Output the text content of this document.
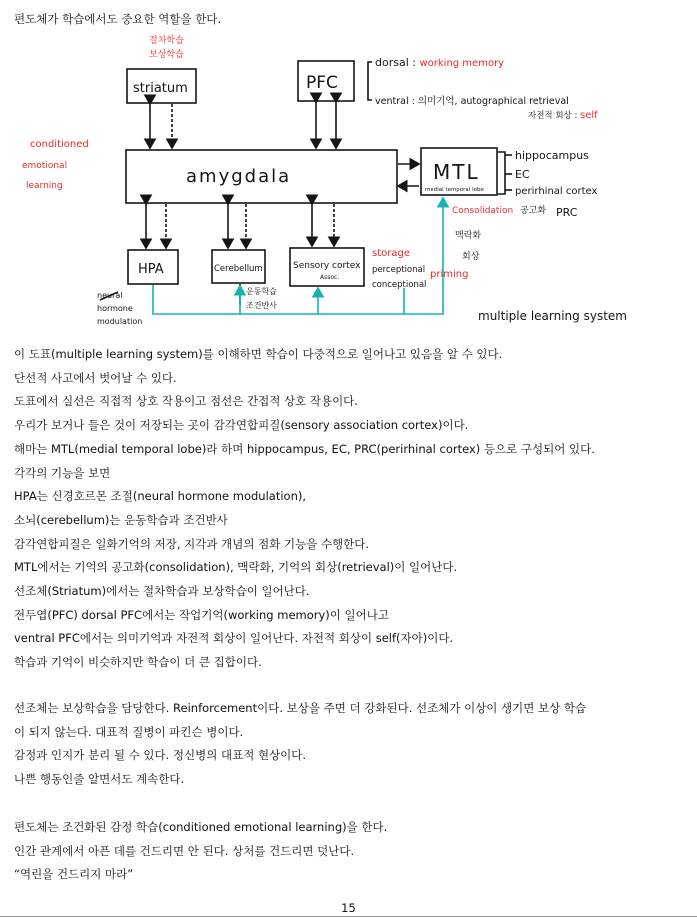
편도체가 학습에서도 중요한 역할을 한다.
striatum	PFC
amygdala	MTL
medial temporal lobe
HPA	Cerebellum	Sensory cortex
Assoc.
절차학습
보상학습
dorsal : working memory
ventral : 의미기억, autographical retrieval
자전적 회상 : self
conditioned
emotional
learning
hippocampus
EC
perirhinal cortex
Consolidation 공고화 PRC
맥락화
회상
storage
perceptional
conceptional
priming
운동학습
조건반사
neural
hormone
modulation	multiple learning system
이 도표(multiple learning system)를 이해하면 학습이 다중적으로 일어나고 있음을 알 수 있다.
단선적 사고에서 벗어날 수 있다.
도표에서 실선은 직접적 상호 작용이고 점선은 간접적 상호 작용이다.
우리가 보거나 들은 것이 저장되는 곳이 감각연합피질(sensory association cortex)이다.
해마는 MTL(medial temporal lobe)라 하며 hippocampus, EC, PRC(perirhinal cortex) 등으로 구성되어 있다.
각각의 기능을 보면
HPA는 신경호르몬 조절(neural hormone modulation),
소뇌(cerebellum)는 운동학습과 조건반사
감각연합피질은 일화기억의 저장, 지각과 개념의 점화 기능을 수행한다.
MTL에서는 기억의 공고화(consolidation), 맥락화, 기억의 회상(retrieval)이 일어난다.
선조체(Striatum)에서는 절차학습과 보상학습이 일어난다.
전두엽(PFC) dorsal PFC에서는 작업기억(working memory)이 일어나고
ventral PFC에서는 의미기억과 자전적 회상이 일어난다. 자전적 회상이 self(자아)이다.
학습과 기억이 비슷하지만 학습이 더 큰 집합이다.
선조체는 보상학습을 담당한다. Reinforcement이다. 보상을 주면 더 강화된다. 선조체가 이상이 생기면 보상 학습
이 되지 않는다. 대표적 질병이 파킨슨 병이다.
감정과 인지가 분리 될 수 있다. 정신병의 대표적 현상이다.
나쁜 행동인줄 알면서도 계속한다.
편도체는 조건화된 감정 학습(conditioned emotional learning)을 한다.
인간 관계에서 아픈 데를 건드리면 안 된다. 상처를 건드리면 덧난다.
“역린을 건드리지 마라”
15
